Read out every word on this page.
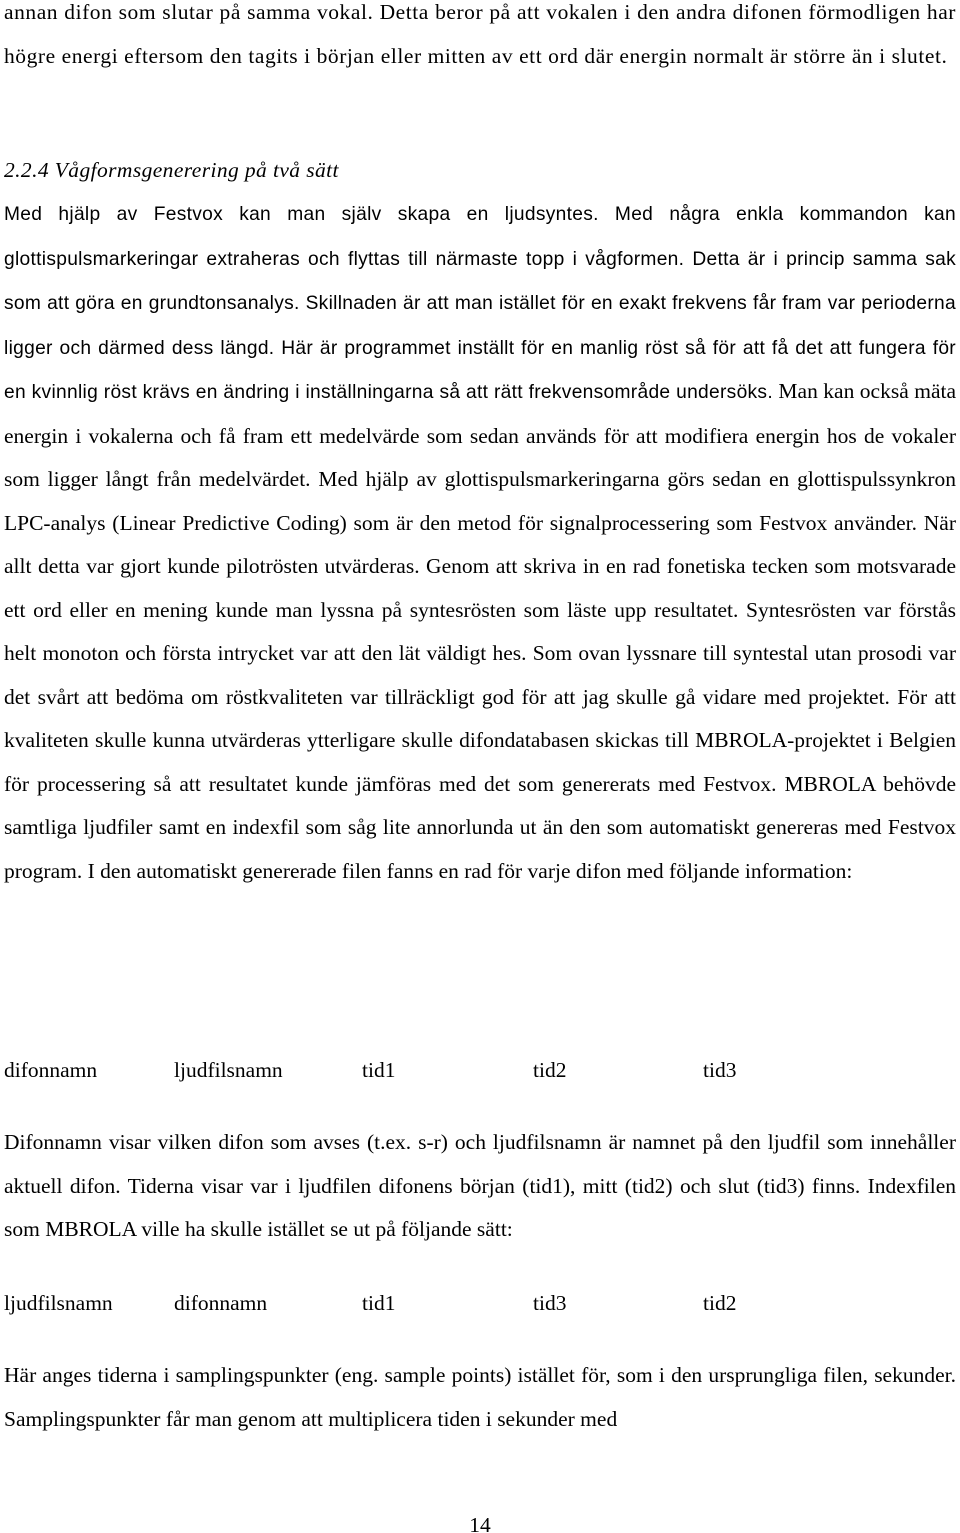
annan difon som slutar på samma vokal. Detta beror på att vokalen i den andra difonen förmodligen har högre energi eftersom den tagits i början eller mitten av ett ord där energin normalt är större än i slutet.

2.2.4 Vågformsgenerering på två sätt

Med hjälp av Festvox kan man själv skapa en ljudsyntes. Med några enkla kommandon kan glottispulsmarkeringar extraheras och flyttas till närmaste topp i vågformen. Detta är i princip samma sak som att göra en grundtonsanalys. Skillnaden är att man istället för en exakt frekvens får fram var perioderna ligger och därmed dess längd. Här är programmet inställt för en manlig röst så för att få det att fungera för en kvinnlig röst krävs en ändring i inställningarna så att rätt frekvensområde undersöks. Man kan också mäta energin i vokalerna och få fram ett medelvärde som sedan används för att modifiera energin hos de vokaler som ligger långt från medelvärdet. Med hjälp av glottispulsmarkeringarna görs sedan en glottispulssynkron LPC-analys (Linear Predictive Coding) som är den metod för signalprocessering som Festvox använder. När allt detta var gjort kunde pilotrösten utvärderas. Genom att skriva in en rad fonetiska tecken som motsvarade ett ord eller en mening kunde man lyssna på syntesrösten som läste upp resultatet. Syntesrösten var förstås helt monoton och första intrycket var att den lät väldigt hes. Som ovan lyssnare till syntestal utan prosodi var det svårt att bedöma om röstkvaliteten var tillräckligt god för att jag skulle gå vidare med projektet. För att kvaliteten skulle kunna utvärderas ytterligare skulle difondatabasen skickas till MBROLA-projektet i Belgien för processering så att resultatet kunde jämföras med det som genererats med Festvox. MBROLA behövde samtliga ljudfiler samt en indexfil som såg lite annorlunda ut än den som automatiskt genereras med Festvox program. I den automatiskt genererade filen fanns en rad för varje difon med följande information:

difonnamn	ljudfilsnamn	tid1	tid2	tid3

Difonnamn visar vilken difon som avses (t.ex. s-r) och ljudfilsnamn är namnet på den ljudfil som innehåller aktuell difon. Tiderna visar var i ljudfilen difonens början (tid1), mitt (tid2) och slut (tid3) finns. Indexfilen som MBROLA ville ha skulle istället se ut på följande sätt:

ljudfilsnamn	difonnamn	tid1	tid3	tid2

Här anges tiderna i samplingspunkter (eng. sample points) istället för, som i den ursprungliga filen, sekunder. Samplingspunkter får man genom att multiplicera tiden i sekunder med

14
